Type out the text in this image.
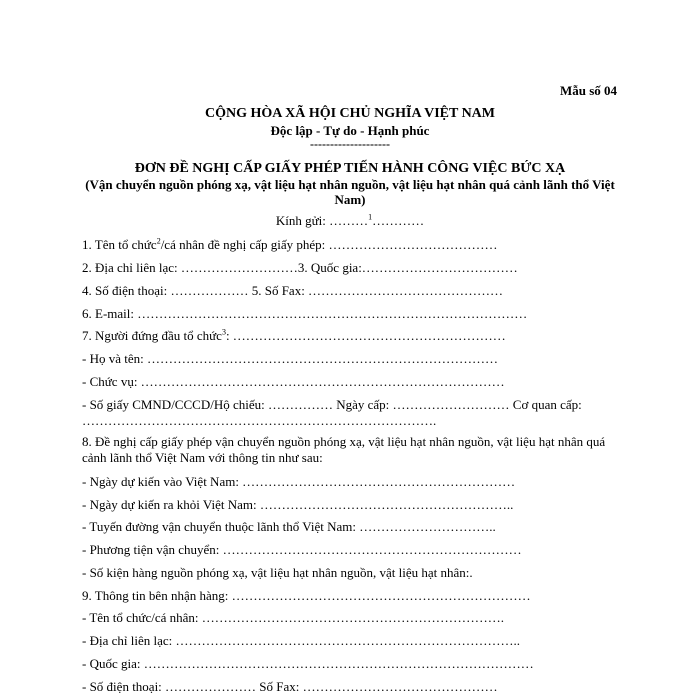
Mẫu số 04
CỘNG HÒA XÃ HỘI CHỦ NGHĨA VIỆT NAM
Độc lập - Tự do - Hạnh phúc
--------------------
ĐƠN ĐỀ NGHỊ CẤP GIẤY PHÉP TIẾN HÀNH CÔNG VIỆC BỨC XẠ
(Vận chuyển nguồn phóng xạ, vật liệu hạt nhân nguồn, vật liệu hạt nhân quá cảnh lãnh thổ Việt Nam)
Kính gửi: ………$^1$…………
1. Tên tổ chức$^2$/cá nhân đề nghị cấp giấy phép: …………………………………
2. Địa chỉ liên lạc: ………………………3. Quốc gia:………………………………
4. Số điện thoại: ……………… 5. Số Fax: ………………………………………
6. E-mail: ………………………………………………………………………………
7. Người đứng đầu tổ chức$^3$: ………………………………………………………
- Họ và tên: ………………………………………………………………………
- Chức vụ: …………………………………………………………………………
- Số giấy CMND/CCCD/Hộ chiếu: …………… Ngày cấp: ……………………… Cơ quan cấp:
……………………………………………………………………….
8. Đề nghị cấp giấy phép vận chuyển nguồn phóng xạ, vật liệu hạt nhân nguồn, vật liệu hạt nhân quá cảnh lãnh thổ Việt Nam với thông tin như sau:
- Ngày dự kiến vào Việt Nam: ………………………………………………………
- Ngày dự kiến ra khỏi Việt Nam: …………………………………………………..
- Tuyến đường vận chuyển thuộc lãnh thổ Việt Nam: …………………………..
- Phương tiện vận chuyển: ……………………………………………………………
- Số kiện hàng nguồn phóng xạ, vật liệu hạt nhân nguồn, vật liệu hạt nhân:.
9. Thông tin bên nhận hàng: ……………………………………………………………
- Tên tổ chức/cá nhân: …………………………………………………………….
- Địa chỉ liên lạc: ……………………………………………………………………..
- Quốc gia: ………………………………………………………………………………
- Số điện thoại: ………………… Số Fax: ………………………………………
